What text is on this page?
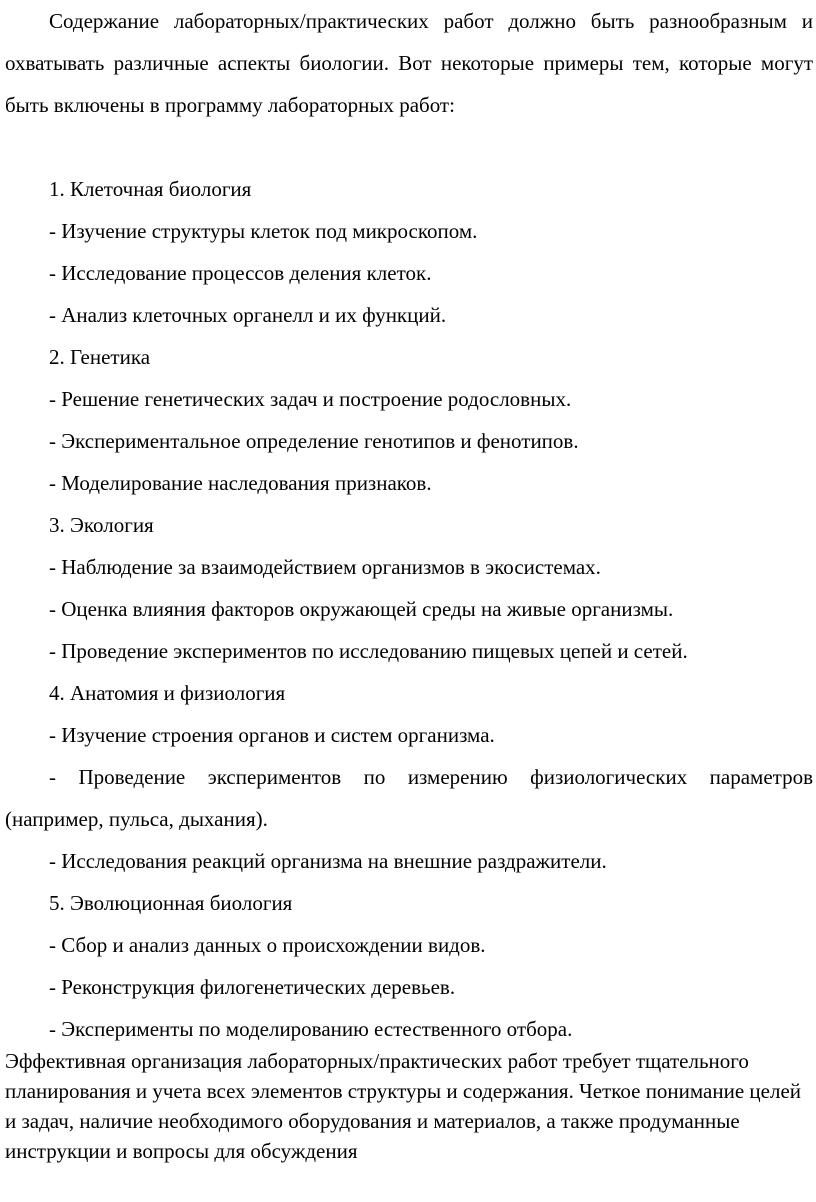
Содержание лабораторных/практических работ должно быть разнообразным и охватывать различные аспекты биологии. Вот некоторые примеры тем, которые могут быть включены в программу лабораторных работ:

1. Клеточная биология

- Изучение структуры клеток под микроскопом.

- Исследование процессов деления клеток.

- Анализ клеточных органелл и их функций.

2. Генетика

- Решение генетических задач и построение родословных.

- Экспериментальное определение генотипов и фенотипов.

- Моделирование наследования признаков.

3. Экология

- Наблюдение за взаимодействием организмов в экосистемах.

- Оценка влияния факторов окружающей среды на живые организмы.

- Проведение экспериментов по исследованию пищевых цепей и сетей.

4. Анатомия и физиология

- Изучение строения органов и систем организма.

- Проведение экспериментов по измерению физиологических параметров (например, пульса, дыхания).

- Исследования реакций организма на внешние раздражители.

5. Эволюционная биология

- Сбор и анализ данных о происхождении видов.

- Реконструкция филогенетических деревьев.

- Эксперименты по моделированию естественного отбора.

Эффективная организация лабораторных/практических работ требует тщательного планирования и учета всех элементов структуры и содержания. Четкое понимание целей и задач, наличие необходимого оборудования и материалов, а также продуманные инструкции и вопросы для обсуждения
